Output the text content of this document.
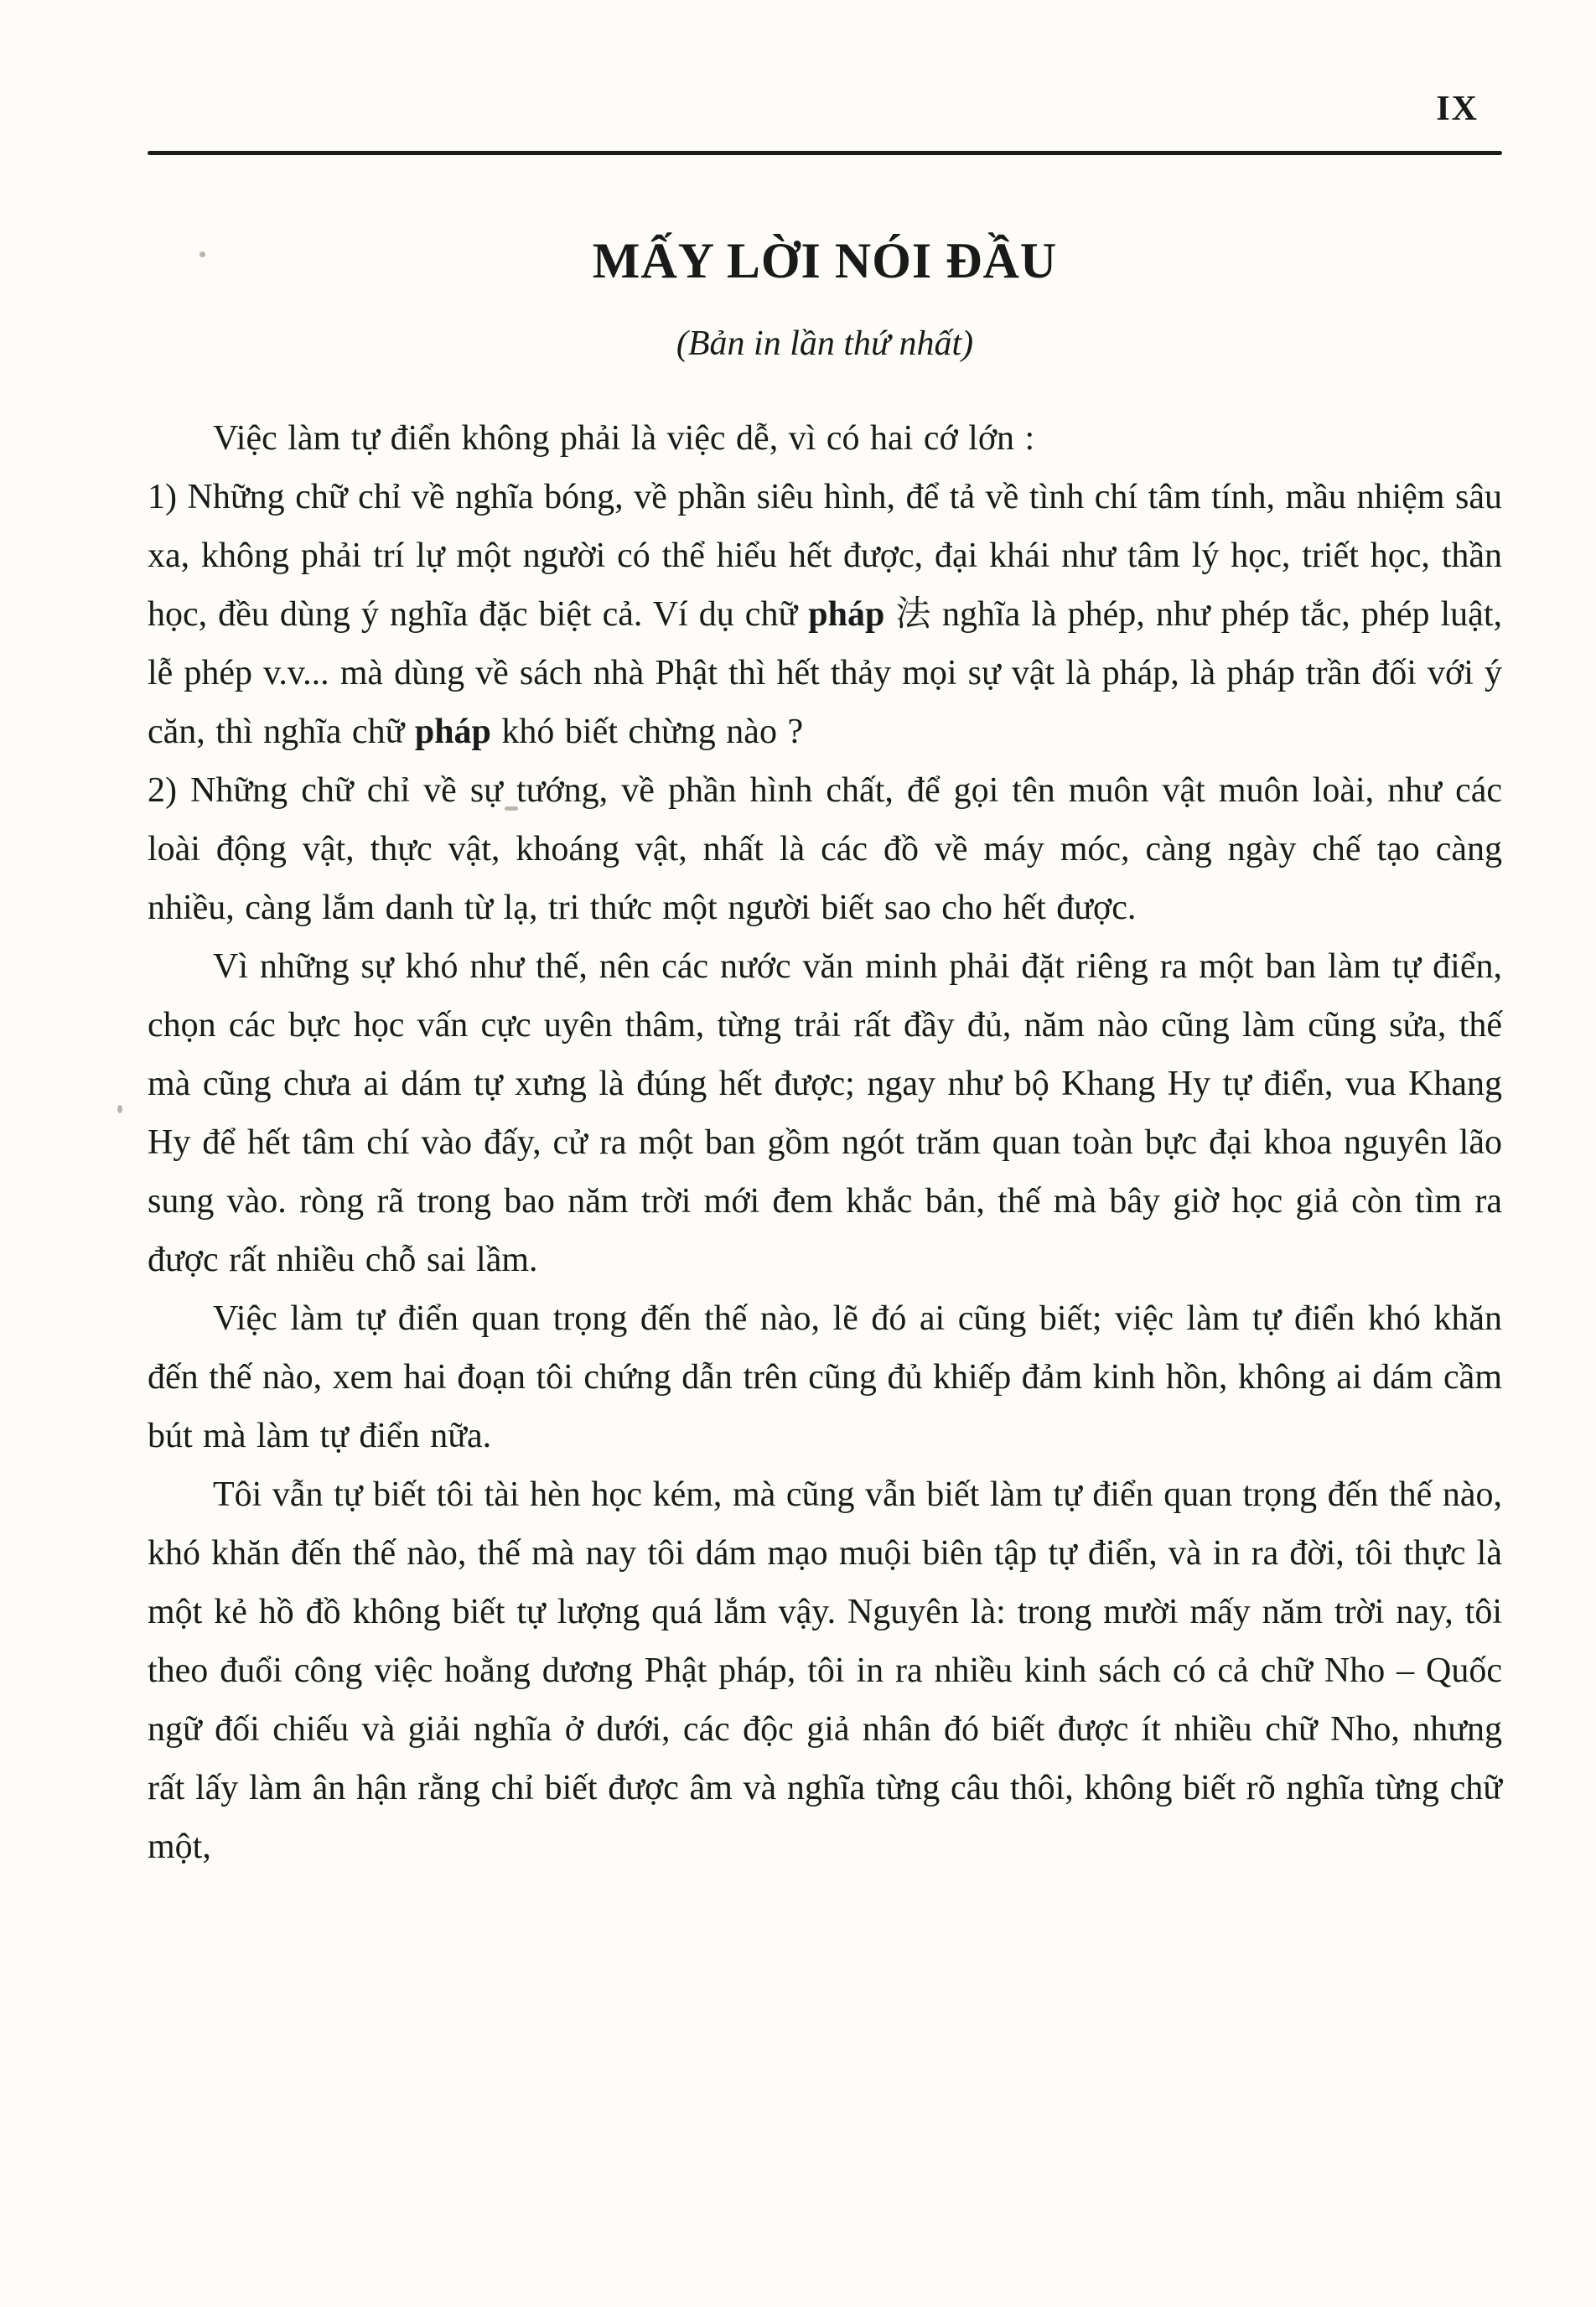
IX
MẤY LỜI NÓI ĐẦU
(Bản in lần thứ nhất)

Việc làm tự điển không phải là việc dễ, vì có hai cớ lớn :

1) Những chữ chỉ về nghĩa bóng, về phần siêu hình, để tả về tình chí tâm tính, mầu nhiệm sâu xa, không phải trí lự một người có thể hiểu hết được, đại khái như tâm lý học, triết học, thần học, đều dùng ý nghĩa đặc biệt cả. Ví dụ chữ pháp 法 nghĩa là phép, như phép tắc, phép luật, lễ phép v.v... mà dùng về sách nhà Phật thì hết thảy mọi sự vật là pháp, là pháp trần đối với ý căn, thì nghĩa chữ pháp khó biết chừng nào ?

2) Những chữ chỉ về sự tướng, về phần hình chất, để gọi tên muôn vật muôn loài, như các loài động vật, thực vật, khoáng vật, nhất là các đồ về máy móc, càng ngày chế tạo càng nhiều, càng lắm danh từ lạ, tri thức một người biết sao cho hết được.

Vì những sự khó như thế, nên các nước văn minh phải đặt riêng ra một ban làm tự điển, chọn các bực học vấn cực uyên thâm, từng trải rất đầy đủ, năm nào cũng làm cũng sửa, thế mà cũng chưa ai dám tự xưng là đúng hết được; ngay như bộ Khang Hy tự điển, vua Khang Hy để hết tâm chí vào đấy, cử ra một ban gồm ngót trăm quan toàn bực đại khoa nguyên lão sung vào. ròng rã trong bao năm trời mới đem khắc bản, thế mà bây giờ học giả còn tìm ra được rất nhiều chỗ sai lầm.

Việc làm tự điển quan trọng đến thế nào, lẽ đó ai cũng biết; việc làm tự điển khó khăn đến thế nào, xem hai đoạn tôi chứng dẫn trên cũng đủ khiếp đảm kinh hồn, không ai dám cầm bút mà làm tự điển nữa.

Tôi vẫn tự biết tôi tài hèn học kém, mà cũng vẫn biết làm tự điển quan trọng đến thế nào, khó khăn đến thế nào, thế mà nay tôi dám mạo muội biên tập tự điển, và in ra đời, tôi thực là một kẻ hồ đồ không biết tự lượng quá lắm vậy. Nguyên là: trong mười mấy năm trời nay, tôi theo đuổi công việc hoằng dương Phật pháp, tôi in ra nhiều kinh sách có cả chữ Nho – Quốc ngữ đối chiếu và giải nghĩa ở dưới, các độc giả nhân đó biết được ít nhiều chữ Nho, nhưng rất lấy làm ân hận rằng chỉ biết được âm và nghĩa từng câu thôi, không biết rõ nghĩa từng chữ một,
